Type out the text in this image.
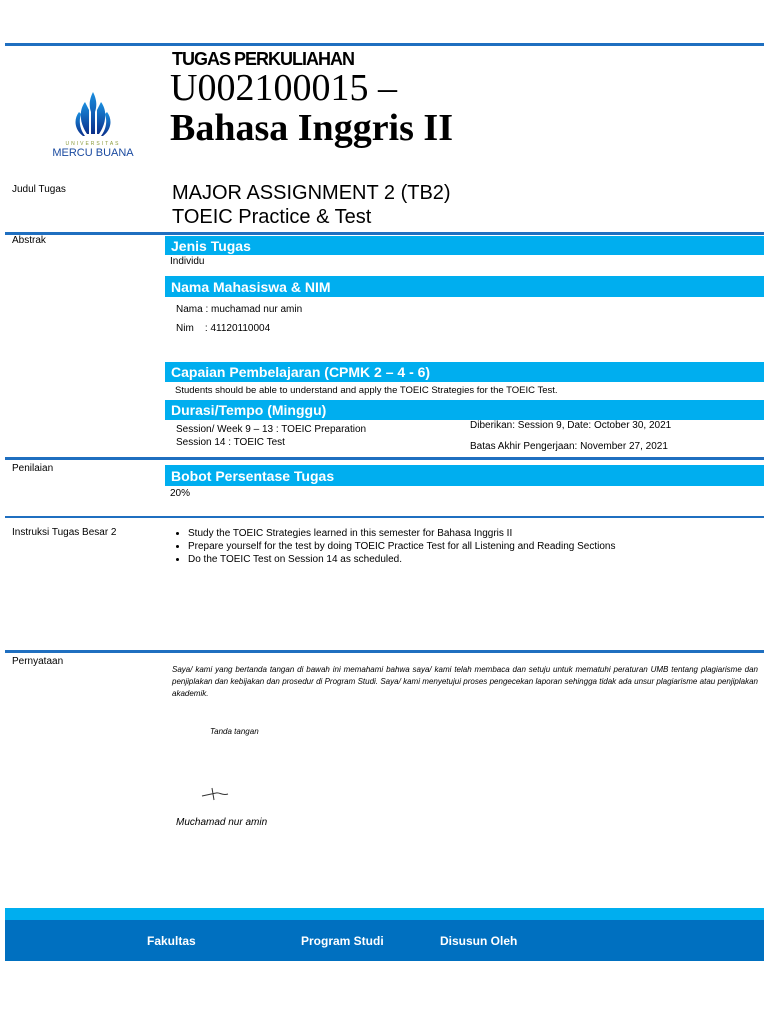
UNIVERSITAS
MERCU BUANA
TUGAS PERKULIAHAN
U002100015 –
Bahasa Inggris II
Judul Tugas	MAJOR ASSIGNMENT 2 (TB2)
TOEIC Practice & Test
Abstrak	Jenis Tugas
Individu
Nama Mahasiswa & NIM
Nama : muchamad nur amin
Nim    : 41120110004
Capaian Pembelajaran (CPMK 2 – 4 - 6)
Students should be able to understand and apply the TOEIC Strategies for the TOEIC Test.
Durasi/Tempo (Minggu)
Session/ Week 9 – 13 : TOEIC Preparation
Session 14 : TOEIC Test
Diberikan: Session 9, Date: October 30, 2021
Batas Akhir Pengerjaan: November 27, 2021
Penilaian	Bobot Persentase Tugas
20%
Instruksi Tugas Besar 2	• Study the TOEIC Strategies learned in this semester for Bahasa Inggris II
• Prepare yourself for the test by doing TOEIC Practice Test for all Listening and Reading Sections
• Do the TOEIC Test on Session 14 as scheduled.
Pernyataan
Saya/ kami yang bertanda tangan di bawah ini memahami bahwa saya/ kami telah membaca dan setuju untuk mematuhi peraturan UMB tentang plagiarisme dan penjiplakan dan kebijakan dan prosedur di Program Studi. Saya/ kami menyetujui proses pengecekan laporan sehingga tidak ada unsur plagiarisme atau penjiplakan akademik.
Tanda tangan
Muchamad nur amin
Fakultas	Program Studi	Disusun Oleh
